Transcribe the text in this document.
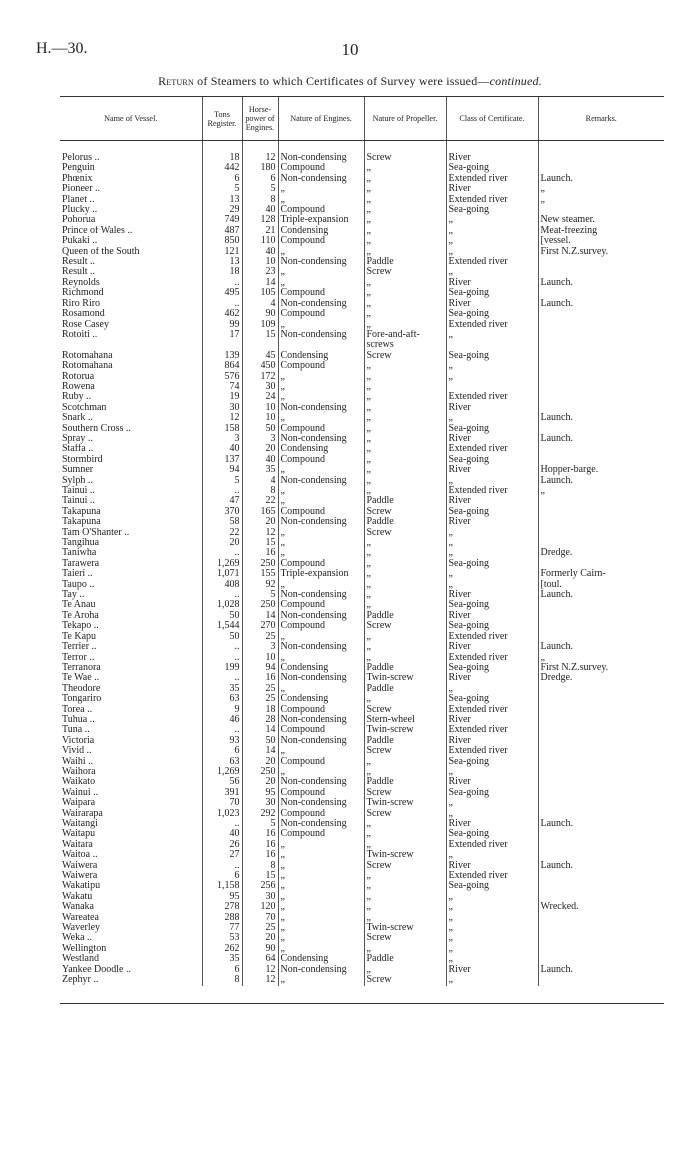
H.—30.	10
Return of Steamers to which Certificates of Survey were issued—continued.
Name of Vessel.	Tons Register.	Horse-power of Engines.	Nature of Engines.	Nature of Propeller.	Class of Certificate.	Remarks.
Pelorus ..	18	12	Non-condensing	Screw	River	
Penguin	442	180	Compound	„	Sea-going	
Phœnix	6	6	Non-condensing	„	Extended river	Launch.
Pioneer ..	5	5	„	„	River	„
Planet ..	13	8	„	„	Extended river	„
Plucky ..	29	40	Compound	„	Sea-going	
Pohorua	749	128	Triple-expansion	„	„	New steamer.
Prince of Wales ..	487	21	Condensing	„	„	Meat-freezing
Pukaki ..	850	110	Compound	„	„	[vessel.
Queen of the South	121	40	„	„	„	First N.Z.survey.
Result ..	13	10	Non-condensing	Paddle	Extended river	
Result ..	18	23	„	Screw	„	
Reynolds	..	14	„	„	River	Launch.
Richmond	495	105	Compound	„	Sea-going	
Riro Riro	..	4	Non-condensing	„	River	Launch.
Rosamond	462	90	Compound	„	Sea-going	
Rose Casey	99	109	„	„	Extended river	
Rotoiti ..	17	15	Non-condensing	Fore-and-aft-	„	
				screws		
Rotomahana	139	45	Condensing	Screw	Sea-going	
Rotomahana	864	450	Compound	„	„	
Rotorua	576	172	„	„	„	
Rowena	74	30	„	„		
Ruby ..	19	24	„	„	Extended river	
Scotchman	30	10	Non-condensing	„	River	
Snark ..	12	10	„	„	„	Launch.
Southern Cross ..	158	50	Compound	„	Sea-going	
Spray ..	3	3	Non-condensing	„	River	Launch.
Staffa ..	40	20	Condensing	„	Extended river	
Stormbird	137	40	Compound	„	Sea-going	
Sumner	94	35	„	„	River	Hopper-barge.
Sylph ..	5	4	Non-condensing	„	„	Launch.
Tainui ..	..	8	„	„	Extended river	„
Tainui ..	47	22	„	Paddle	River	
Takapuna	370	165	Compound	Screw	Sea-going	
Takapuna	58	20	Non-condensing	Paddle	River	
Tam O'Shanter ..	22	12	„	Screw	„	
Tangihua	20	15	„	„	„	
Taniwha	..	16	„	„	„	Dredge.
Tarawera	1,269	250	Compound	„	Sea-going	
Taieri ..	1,071	155	Triple-expansion	„	„	Formerly Cairn-
Taupo ..	408	92	„	„	„	[toul.
Tay ..	..	5	Non-condensing	„	River	Launch.
Te Anau	1,028	250	Compound	„	Sea-going	
Te Aroha	50	14	Non-condensing	Paddle	River	
Tekapo ..	1,544	270	Compound	Screw	Sea-going	
Te Kapu	50	25	„	„	Extended river	
Terrier ..	..	3	Non-condensing	„	River	Launch.
Terror ..	..	10	„	„	Extended river	„
Terranora	199	94	Condensing	Paddle	Sea-going	First N.Z.survey.
Te Wae ..	..	16	Non-condensing	Twin-screw	River	Dredge.
Theodore	35	25	„	Paddle	„	
Tongariro	63	25	Condensing	„	Sea-going	
Torea ..	9	18	Compound	Screw	Extended river	
Tuhua ..	46	28	Non-condensing	Stern-wheel	River	
Tuna ..	..	14	Compound	Twin-screw	Extended river	
Victoria	93	50	Non-condensing	Paddle	River	
Vivid ..	6	14	„	Screw	Extended river	
Waihi ..	63	20	Compound	„	Sea-going	
Waihora	1,269	250	„	„	„	
Waikato	56	20	Non-condensing	Paddle	River	
Wainui ..	391	95	Compound	Screw	Sea-going	
Waipara	70	30	Non-condensing	Twin-screw	„	
Wairarapa	1,023	292	Compound	Screw	„	
Waitangi	..	5	Non-condensing	„	River	Launch.
Waitapu	40	16	Compound	„	Sea-going	
Waitara	26	16	„	„	Extended river	
Waitoa ..	27	16	„	Twin-screw	„	
Waiwera	..	8	„	Screw	River	Launch.
Waiwera	6	15	„	„	Extended river	
Wakatipu	1,158	256	„	„	Sea-going	
Wakatu	95	30	„	„	„	
Wanaka	278	120	„	„	„	Wrecked.
Wareatea	288	70	„	„	„	
Waverley	77	25	„	Twin-screw	„	
Weka ..	53	20	„	Screw	„	
Wellington	262	90	„	„	„	
Westland	35	64	Condensing	Paddle	„	
Yankee Doodle ..	6	12	Non-condensing	„	River	Launch.
Zephyr ..	8	12	„	Screw	„	
